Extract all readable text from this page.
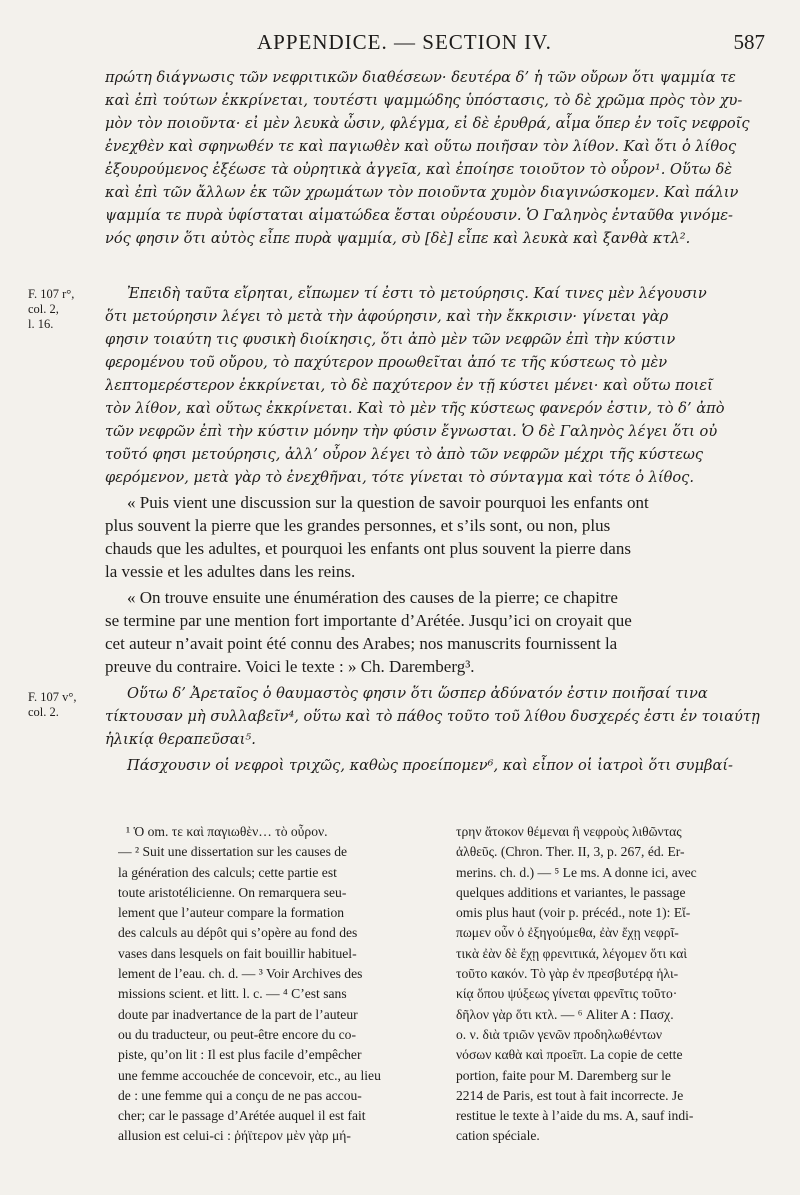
APPENDICE. — SECTION IV.	587
F. 107 r°,
col. 2,
l. 16.
F. 107 v°,
col. 2.
πρώτη διάγνωσις τῶν νεφριτικῶν διαθέσεων· δευτέρα δ’ ἡ τῶν οὔρων ὅτι ψαμμία τε
καὶ ἐπὶ τούτων ἐκκρίνεται, τουτέστι ψαμμώδης ὑπόστασις, τὸ δὲ χρῶμα πρὸς τὸν χυ-
μὸν τὸν ποιοῦντα· εἰ μὲν λευκὰ ὦσιν, φλέγμα, εἰ δὲ ἐρυθρά, αἷμα ὅπερ ἐν τοῖς νεφροῖς
ἐνεχθὲν καὶ σφηνωθέν τε καὶ παγιωθὲν καὶ οὕτω ποιῆσαν τὸν λίθον. Καὶ ὅτι ὁ λίθος
ἐξουρούμενος ἐξέωσε τὰ οὐρητικὰ ἀγγεῖα, καὶ ἐποίησε τοιοῦτον τὸ οὖρον¹. Οὕτω δὲ
καὶ ἐπὶ τῶν ἄλλων ἐκ τῶν χρωμάτων τὸν ποιοῦντα χυμὸν διαγινώσκομεν. Καὶ πάλιν
ψαμμία τε πυρὰ ὑφίσταται αἱματώδεα ἔσται οὐρέουσιν. Ὁ Γαληνὸς ἐνταῦθα γινόμε-
νός φησιν ὅτι αὐτὸς εἶπε πυρὰ ψαμμία, σὺ [δὲ] εἶπε καὶ λευκὰ καὶ ξανθὰ κτλ².
Ἐπειδὴ ταῦτα εἴρηται, εἴπωμεν τί ἐστι τὸ μετούρησις. Καί τινες μὲν λέγουσιν
ὅτι μετούρησιν λέγει τὸ μετὰ τὴν ἀφούρησιν, καὶ τὴν ἔκκρισιν· γίνεται γὰρ
φησιν τοιαύτη τις φυσικὴ διοίκησις, ὅτι ἀπὸ μὲν τῶν νεφρῶν ἐπὶ τὴν κύστιν
φερομένου τοῦ οὔρου, τὸ παχύτερον προωθεῖται ἀπό τε τῆς κύστεως τὸ μὲν
λεπτομερέστερον ἐκκρίνεται, τὸ δὲ παχύτερον ἐν τῇ κύστει μένει· καὶ οὕτω ποιεῖ
τὸν λίθον, καὶ οὕτως ἐκκρίνεται. Καὶ τὸ μὲν τῆς κύστεως φανερόν ἐστιν, τὸ δ’ ἀπὸ
τῶν νεφρῶν ἐπὶ τὴν κύστιν μόνην τὴν φύσιν ἔγνωσται. Ὁ δὲ Γαληνὸς λέγει ὅτι οὐ
τοῦτό φησι μετούρησις, ἀλλ’ οὖρον λέγει τὸ ἀπὸ τῶν νεφρῶν μέχρι τῆς κύστεως
φερόμενον, μετὰ γὰρ τὸ ἐνεχθῆναι, τότε γίνεται τὸ σύνταγμα καὶ τότε ὁ λίθος.
« Puis vient une discussion sur la question de savoir pourquoi les enfants ont
plus souvent la pierre que les grandes personnes, et s’ils sont, ou non, plus
chauds que les adultes, et pourquoi les enfants ont plus souvent la pierre dans
la vessie et les adultes dans les reins.
« On trouve ensuite une énumération des causes de la pierre; ce chapitre
se termine par une mention fort importante d’Arétée. Jusqu’ici on croyait que
cet auteur n’avait point été connu des Arabes; nos manuscrits fournissent la
preuve du contraire. Voici le texte : » Ch. Daremberg³.
Οὕτω δ’ Ἀρεταῖος ὁ θαυμαστὸς φησιν ὅτι ὥσπερ ἀδύνατόν ἐστιν ποιῆσαί τινα
τίκτουσαν μὴ συλλαβεῖν⁴, οὕτω καὶ τὸ πάθος τοῦτο τοῦ λίθου δυσχερές ἐστι ἐν τοιαύτῃ
ἡλικίᾳ θεραπεῦσαι⁵.
Πάσχουσιν οἱ νεφροὶ τριχῶς, καθὼς προείπομεν⁶, καὶ εἶπον οἱ ἰατροὶ ὅτι συμβαί-
¹ Ὁ om. τε καὶ παγιωθὲν… τὸ οὖρον.
— ² Suit une dissertation sur les causes de
la génération des calculs; cette partie est
toute aristotélicienne. On remarquera seu-
lement que l’auteur compare la formation
des calculs au dépôt qui s’opère au fond des
vases dans lesquels on fait bouillir habituel-
lement de l’eau. ch. d. — ³ Voir Archives des
missions scient. et litt. l. c. — ⁴ C’est sans
doute par inadvertance de la part de l’auteur
ou du traducteur, ou peut-être encore du co-
piste, qu’on lit : Il est plus facile d’empêcher
une femme accouchée de concevoir, etc., au lieu
de : une femme qui a conçu de ne pas accou-
cher; car le passage d’Arétée auquel il est fait
allusion est celui-ci : ῥήϊτερον μὲν γὰρ μή-
τρην ἄτοκον θέμεναι ἢ νεφροὺς λιθῶντας
ἀλθεῦς. (Chron. Ther. II, 3, p. 267, éd. Er-
merins. ch. d.) — ⁵ Le ms. A donne ici, avec
quelques additions et variantes, le passage
omis plus haut (voir p. précéd., note 1): Εἴ-
πωμεν οὖν ὁ ἐξηγούμεθα, ἐὰν ἔχῃ νεφρῖ-
τικὰ ἐὰν δὲ ἔχῃ φρενιτικά, λέγομεν ὅτι καὶ
τοῦτο κακόν. Τὸ γὰρ ἐν πρεσβυτέρᾳ ἡλι-
κίᾳ ὅπου ψύξεως γίνεται φρενῖτις τοῦτο·
δῆλον γὰρ ὅτι κτλ. — ⁶ Aliter A : Πασχ.
ο. ν. διὰ τριῶν γενῶν προδηλωθέντων
νόσων καθὰ καὶ προεῖπ. La copie de cette
portion, faite pour M. Daremberg sur le
2214 de Paris, est tout à fait incorrecte. Je
restitue le texte à l’aide du ms. A, sauf indi-
cation spéciale.
